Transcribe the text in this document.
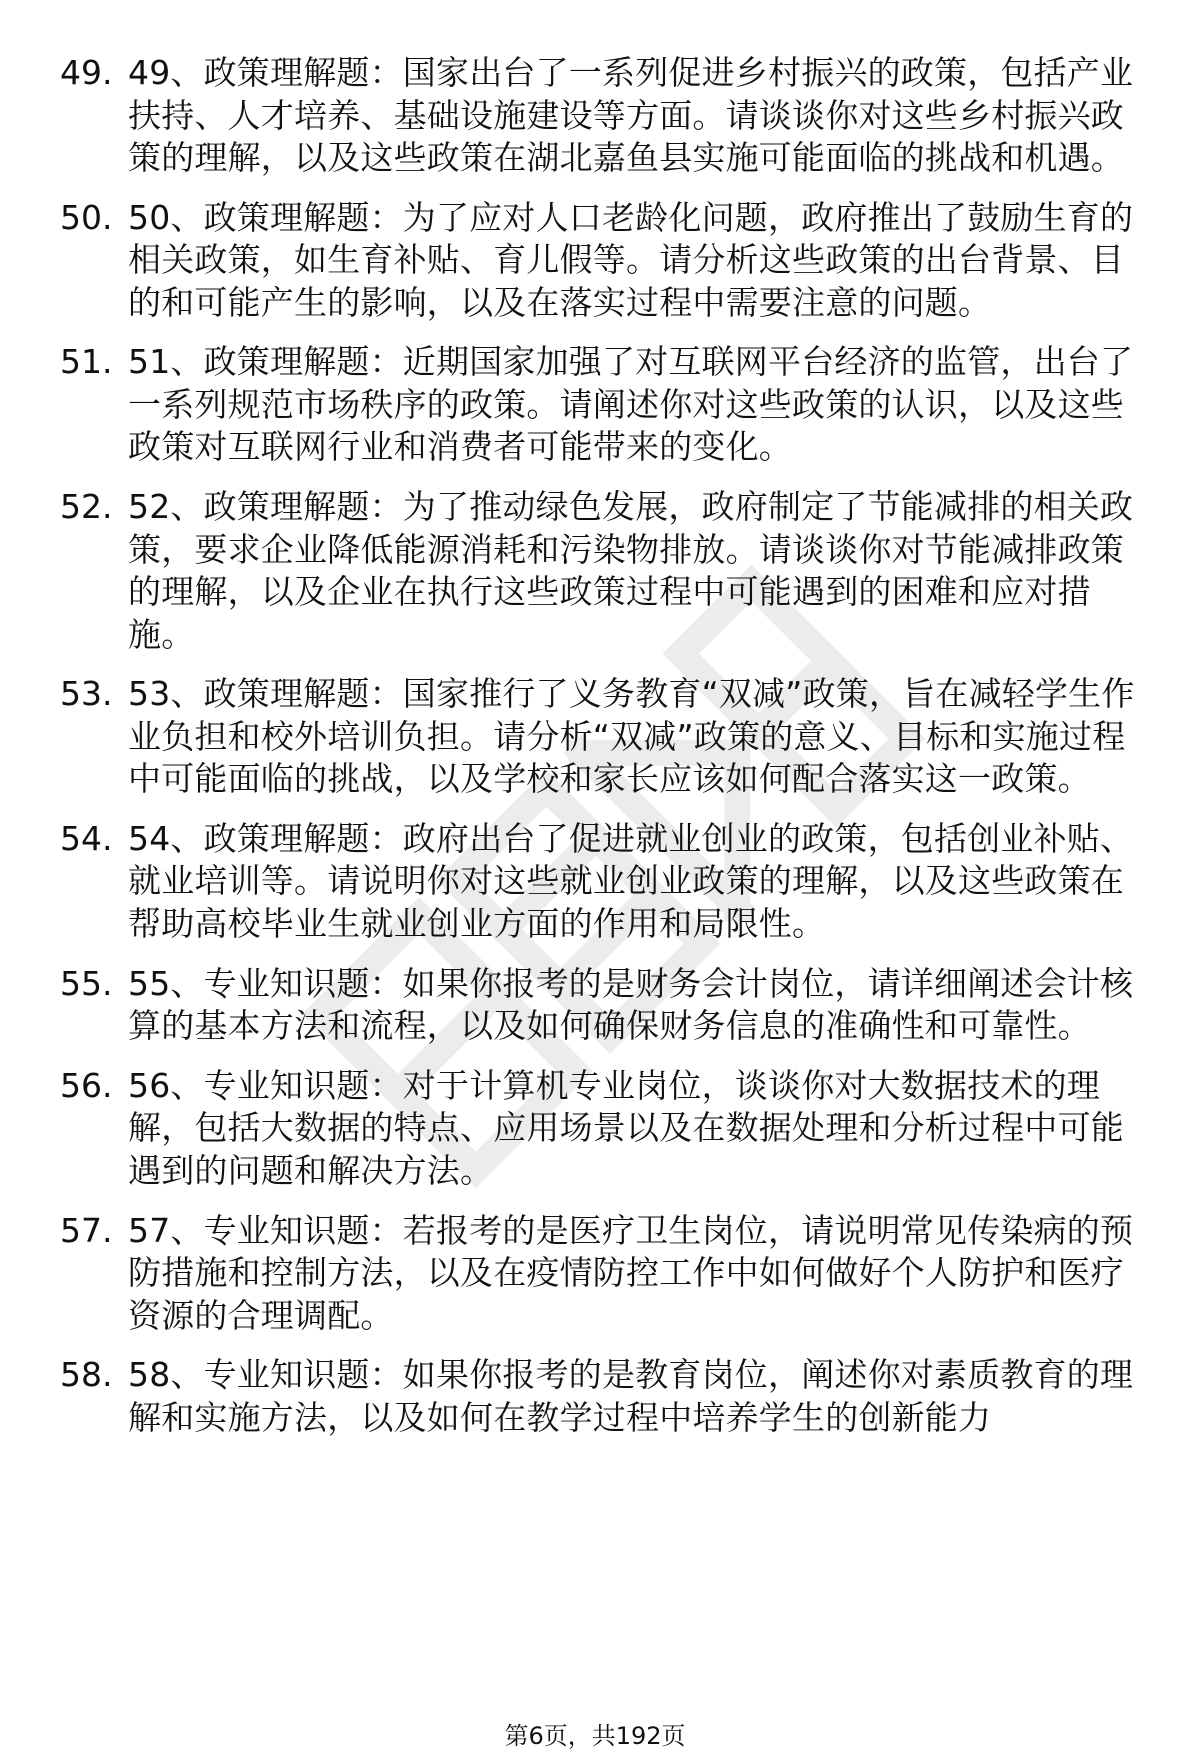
49. 49、政策理解题：国家出台了一系列促进乡村振兴的政策，包括产业扶持、人才培养、基础设施建设等方面。请谈谈你对这些乡村振兴政策的理解，以及这些政策在湖北嘉鱼县实施可能面临的挑战和机遇。
50. 50、政策理解题：为了应对人口老龄化问题，政府推出了鼓励生育的相关政策，如生育补贴、育儿假等。请分析这些政策的出台背景、目的和可能产生的影响，以及在落实过程中需要注意的问题。
51. 51、政策理解题：近期国家加强了对互联网平台经济的监管，出台了一系列规范市场秩序的政策。请阐述你对这些政策的认识，以及这些政策对互联网行业和消费者可能带来的变化。
52. 52、政策理解题：为了推动绿色发展，政府制定了节能减排的相关政策，要求企业降低能源消耗和污染物排放。请谈谈你对节能减排政策的理解，以及企业在执行这些政策过程中可能遇到的困难和应对措施。
53. 53、政策理解题：国家推行了义务教育“双减”政策，旨在减轻学生作业负担和校外培训负担。请分析“双减”政策的意义、目标和实施过程中可能面临的挑战，以及学校和家长应该如何配合落实这一政策。
54. 54、政策理解题：政府出台了促进就业创业的政策，包括创业补贴、就业培训等。请说明你对这些就业创业政策的理解，以及这些政策在帮助高校毕业生就业创业方面的作用和局限性。
55. 55、专业知识题：如果你报考的是财务会计岗位，请详细阐述会计核算的基本方法和流程，以及如何确保财务信息的准确性和可靠性。
56. 56、专业知识题：对于计算机专业岗位，谈谈你对大数据技术的理解，包括大数据的特点、应用场景以及在数据处理和分析过程中可能遇到的问题和解决方法。
57. 57、专业知识题：若报考的是医疗卫生岗位，请说明常见传染病的预防措施和控制方法，以及在疫情防控工作中如何做好个人防护和医疗资源的合理调配。
58. 58、专业知识题：如果你报考的是教育岗位，阐述你对素质教育的理解和实施方法，以及如何在教学过程中培养学生的创新能力
第6页，共192页
